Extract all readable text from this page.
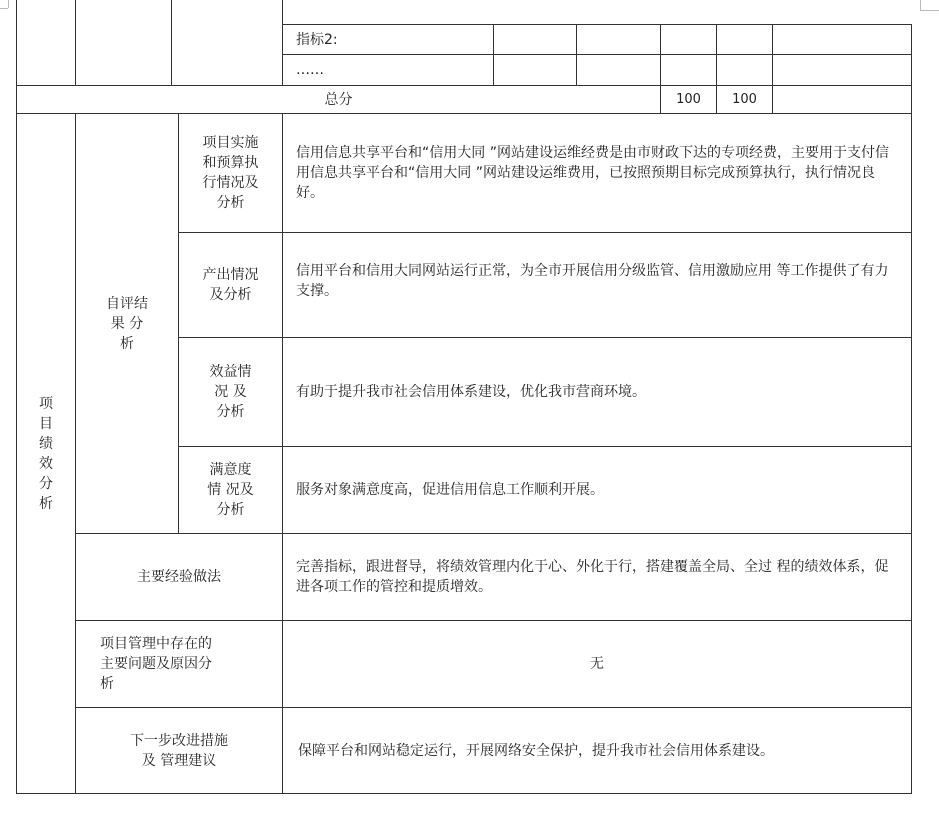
指标2:
……
总分	100 100
项
目
绩
效
分
析
自评结
果 分
析
项目实施
和预算执
行情况及
分析
信用信息共享平台和“信用大同 ”网站建设运维经费是由市财政下达的专项经费，主要用于支付信用信息共享平台和“信用大同 ”网站建设运维费用，已按照预期目标完成预算执行，执行情况良好。
产出情况
及分析
信用平台和信用大同网站运行正常，为全市开展信用分级监管、信用激励应用 等工作提供了有力支撑。
效益情
况 及
分析
有助于提升我市社会信用体系建设，优化我市营商环境。
满意度
情 况及
分析
服务对象满意度高，促进信用信息工作顺利开展。
主要经验做法
完善指标，跟进督导，将绩效管理内化于心、外化于行，搭建覆盖全局、全过 程的绩效体系，促进各项工作的管控和提质增效。
项目管理中存在的
主要问题及原因分
析
无
下一步改进措施
及 管理建议
保障平台和网站稳定运行，开展网络安全保护，提升我市社会信用体系建设。
